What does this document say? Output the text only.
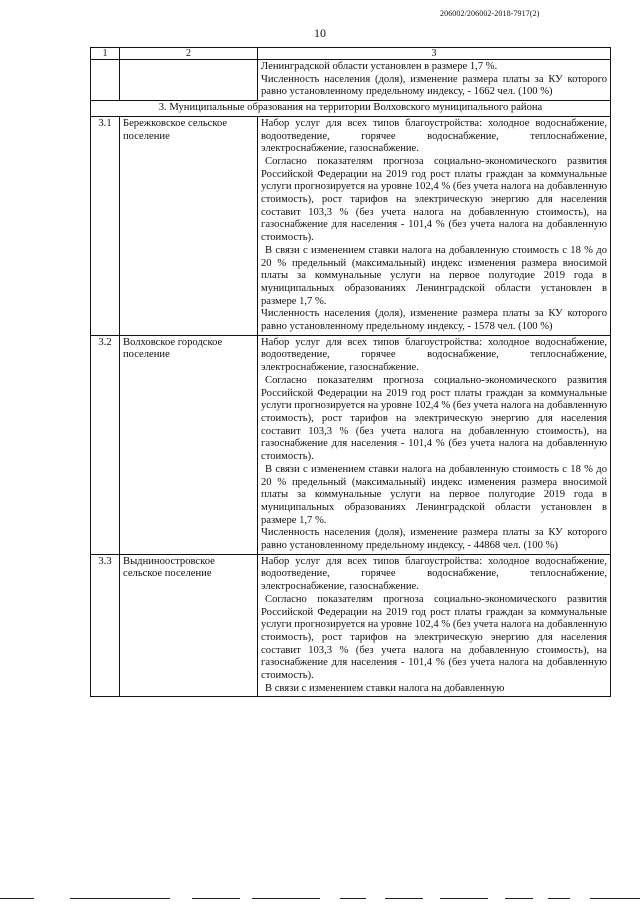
206002/206002-2018-7917(2)
10
1	2	3

		Ленинградской области установлен в размере 1,7 %.

Численность населения (доля), изменение размера платы за КУ которого равно установленному предельному индексу, - 1662 чел. (100 %)

3. Муниципальные образования на территории Волховского муниципального района		
3.1	Бережковское сельское поселение	Набор услуг для всех типов благоустройства: холодное водоснабжение, водоотведение, горячее водоснабжение, теплоснабжение, электроснабжение, газоснабжение.

Согласно показателям прогноза социально-экономического развития Российской Федерации на 2019 год рост платы граждан за коммунальные услуги прогнозируется на уровне 102,4 % (без учета налога на добавленную стоимость), рост тарифов на электрическую энергию для населения составит 103,3 % (без учета налога на добавленную стоимость), на газоснабжение для населения - 101,4 % (без учета налога на добавленную стоимость).

В связи с изменением ставки налога на добавленную стоимость с 18 % до 20 % предельный (максимальный) индекс изменения размера вносимой платы за коммунальные услуги на первое полугодие 2019 года в муниципальных образованиях Ленинградской области установлен в размере 1,7 %.

Численность населения (доля), изменение размера платы за КУ которого равно установленному предельному индексу, - 1578 чел. (100 %)

3.2	Волховское городское поселение	Набор услуг для всех типов благоустройства: холодное водоснабжение, водоотведение, горячее водоснабжение, теплоснабжение, электроснабжение, газоснабжение.

Согласно показателям прогноза социально-экономического развития Российской Федерации на 2019 год рост платы граждан за коммунальные услуги прогнозируется на уровне 102,4 % (без учета налога на добавленную стоимость), рост тарифов на электрическую энергию для населения составит 103,3 % (без учета налога на добавленную стоимость), на газоснабжение для населения - 101,4 % (без учета налога на добавленную стоимость).

В связи с изменением ставки налога на добавленную стоимость с 18 % до 20 % предельный (максимальный) индекс изменения размера вносимой платы за коммунальные услуги на первое полугодие 2019 года в муниципальных образованиях Ленинградской области установлен в размере 1,7 %.

Численность населения (доля), изменение размера платы за КУ которого равно установленному предельному индексу, - 44868 чел. (100 %)

3.3	Выдниноостровское сельское поселение	Набор услуг для всех типов благоустройства: холодное водоснабжение, водоотведение, горячее водоснабжение, теплоснабжение, электроснабжение, газоснабжение.

Согласно показателям прогноза социально-экономического развития Российской Федерации на 2019 год рост платы граждан за коммунальные услуги прогнозируется на уровне 102,4 % (без учета налога на добавленную стоимость), рост тарифов на электрическую энергию для населения составит 103,3 % (без учета налога на добавленную стоимость), на газоснабжение для населения - 101,4 % (без учета налога на добавленную стоимость).

В связи с изменением ставки налога на добавленную
